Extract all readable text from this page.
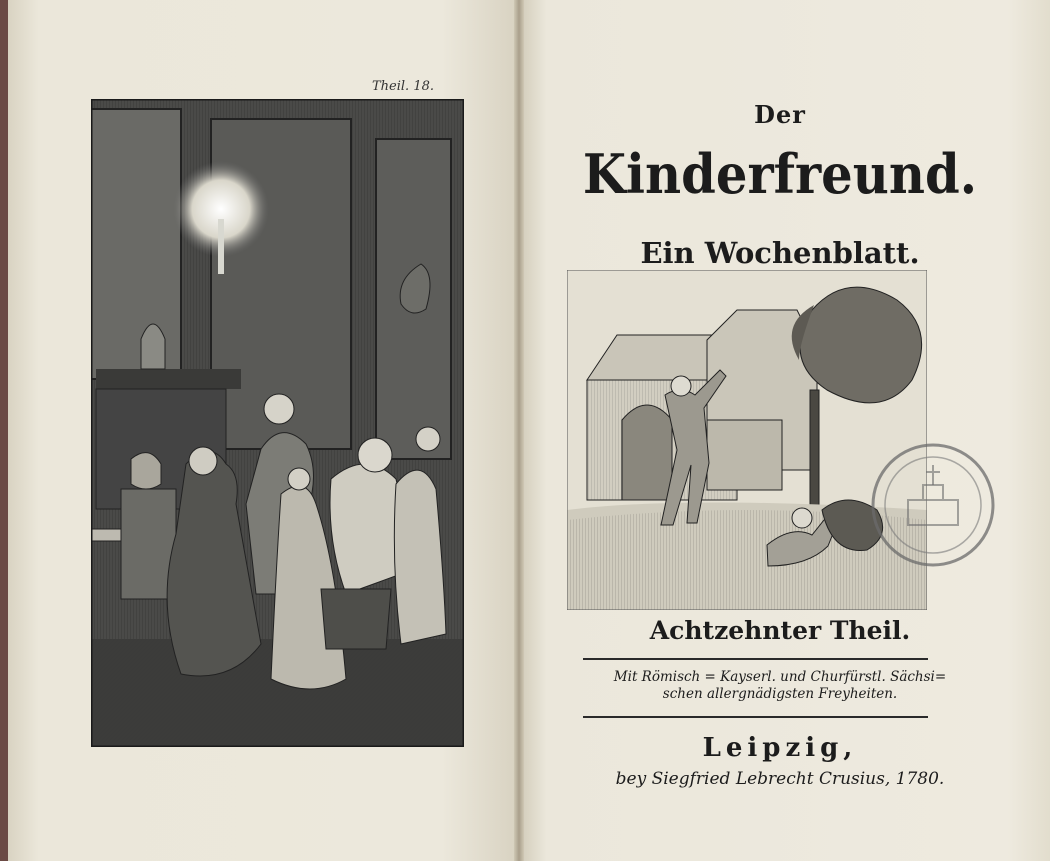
Theil. 18.
Der
Kinderfreund.
Ein Wochenblatt.
Achtzehnter Theil.
Mit Römisch = Kayserl. und Churfürstl. Sächsi=
schen allergnädigsten Freyheiten.
Leipzig,
bey Siegfried Lebrecht Crusius, 1780.
